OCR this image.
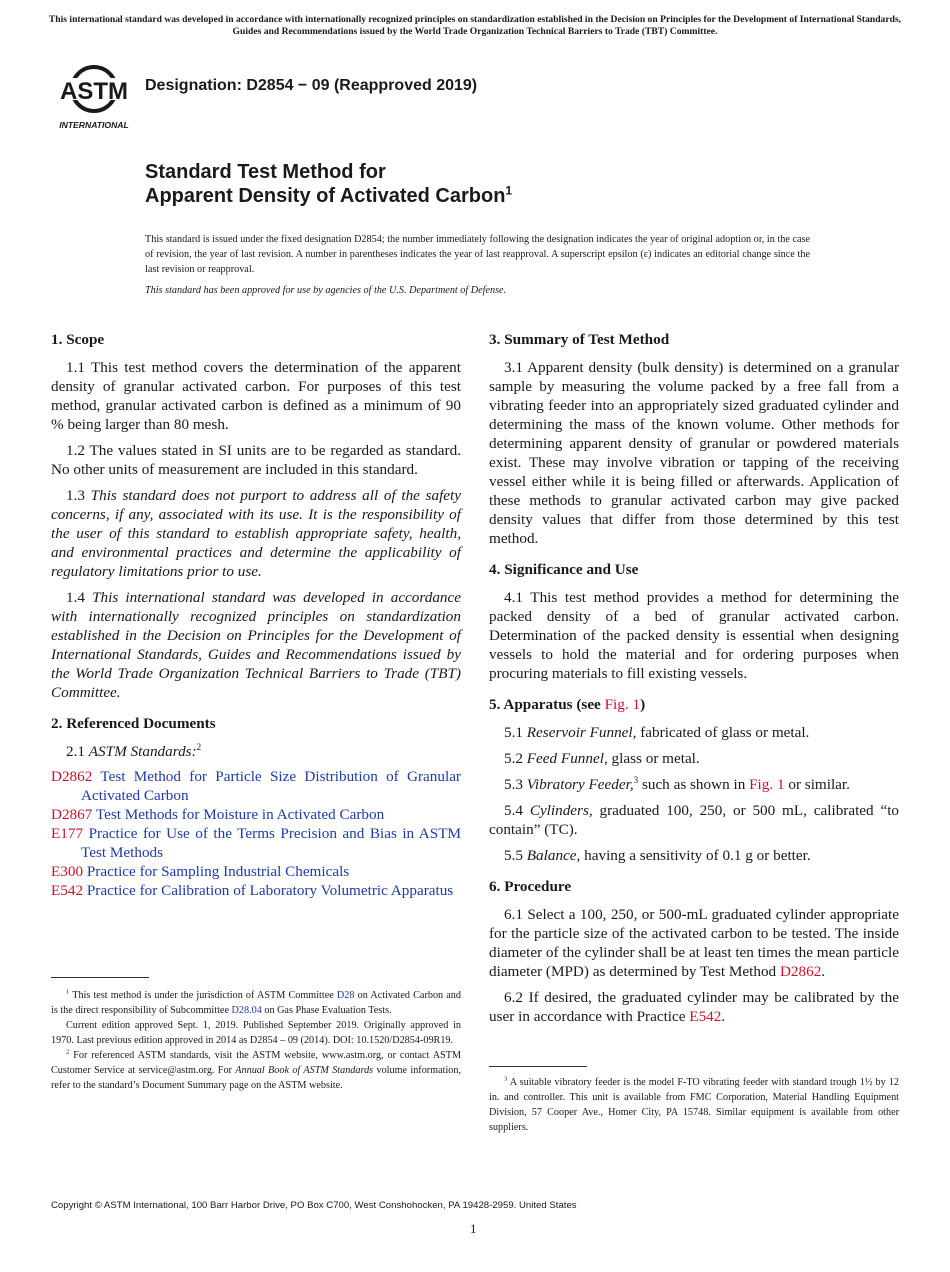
This international standard was developed in accordance with internationally recognized principles on standardization established in the Decision on Principles for the Development of International Standards, Guides and Recommendations issued by the World Trade Organization Technical Barriers to Trade (TBT) Committee.
ASTM
INTERNATIONAL
Designation: D2854 − 09 (Reapproved 2019)
Standard Test Method for
Apparent Density of Activated Carbon$^1$
This standard is issued under the fixed designation D2854; the number immediately following the designation indicates the year of original adoption or, in the case of revision, the year of last revision. A number in parentheses indicates the year of last reapproval. A superscript epsilon (ε) indicates an editorial change since the last revision or reapproval.
This standard has been approved for use by agencies of the U.S. Department of Defense.
1. Scope

1.1 This test method covers the determination of the apparent density of granular activated carbon. For purposes of this test method, granular activated carbon is defined as a minimum of 90 % being larger than 80 mesh.

1.2 The values stated in SI units are to be regarded as standard. No other units of measurement are included in this standard.

1.3 This standard does not purport to address all of the safety concerns, if any, associated with its use. It is the responsibility of the user of this standard to establish appropriate safety, health, and environmental practices and determine the applicability of regulatory limitations prior to use.

1.4 This international standard was developed in accordance with internationally recognized principles on standardization established in the Decision on Principles for the Development of International Standards, Guides and Recommendations issued by the World Trade Organization Technical Barriers to Trade (TBT) Committee.

2. Referenced Documents
2.1 ASTM Standards:$^2$
D2862 Test Method for Particle Size Distribution of Granular Activated Carbon
D2867 Test Methods for Moisture in Activated Carbon
E177 Practice for Use of the Terms Precision and Bias in ASTM Test Methods
E300 Practice for Sampling Industrial Chemicals
E542 Practice for Calibration of Laboratory Volumetric Apparatus

$^1$ This test method is under the jurisdiction of ASTM Committee D28 on Activated Carbon and is the direct responsibility of Subcommittee D28.04 on Gas Phase Evaluation Tests.

Current edition approved Sept. 1, 2019. Published September 2019. Originally approved in 1970. Last previous edition approved in 2014 as D2854 – 09 (2014). DOI: 10.1520/D2854-09R19.

$^2$ For referenced ASTM standards, visit the ASTM website, www.astm.org, or contact ASTM Customer Service at service@astm.org. For Annual Book of ASTM Standards volume information, refer to the standard’s Document Summary page on the ASTM website.

3. Summary of Test Method

3.1 Apparent density (bulk density) is determined on a granular sample by measuring the volume packed by a free fall from a vibrating feeder into an appropriately sized graduated cylinder and determining the mass of the known volume. Other methods for determining apparent density of granular or powdered materials exist. These may involve vibration or tapping of the receiving vessel either while it is being filled or afterwards. Application of these methods to granular activated carbon may give packed density values that differ from those determined by this test method.

4. Significance and Use

4.1 This test method provides a method for determining the packed density of a bed of granular activated carbon. Determination of the packed density is essential when designing vessels to hold the material and for ordering purposes when procuring materials to fill existing vessels.

5. Apparatus (see Fig. 1)

5.1 Reservoir Funnel, fabricated of glass or metal.

5.2 Feed Funnel, glass or metal.

5.3 Vibratory Feeder,$^3$ such as shown in Fig. 1 or similar.

5.4 Cylinders, graduated 100, 250, or 500 mL, calibrated “to contain” (TC).

5.5 Balance, having a sensitivity of 0.1 g or better.

6. Procedure

6.1 Select a 100, 250, or 500-mL graduated cylinder appropriate for the particle size of the activated carbon to be tested. The inside diameter of the cylinder shall be at least ten times the mean particle diameter (MPD) as determined by Test Method D2862.

6.2 If desired, the graduated cylinder may be calibrated by the user in accordance with Practice E542.

$^3$ A suitable vibratory feeder is the model F-TO vibrating feeder with standard trough 1½ by 12 in. and controller. This unit is available from FMC Corporation, Material Handling Equipment Division, 57 Cooper Ave., Homer City, PA 15748. Similar equipment is available from other suppliers.

Copyright © ASTM International, 100 Barr Harbor Drive, PO Box C700, West Conshohocken, PA 19428-2959. United States
1
